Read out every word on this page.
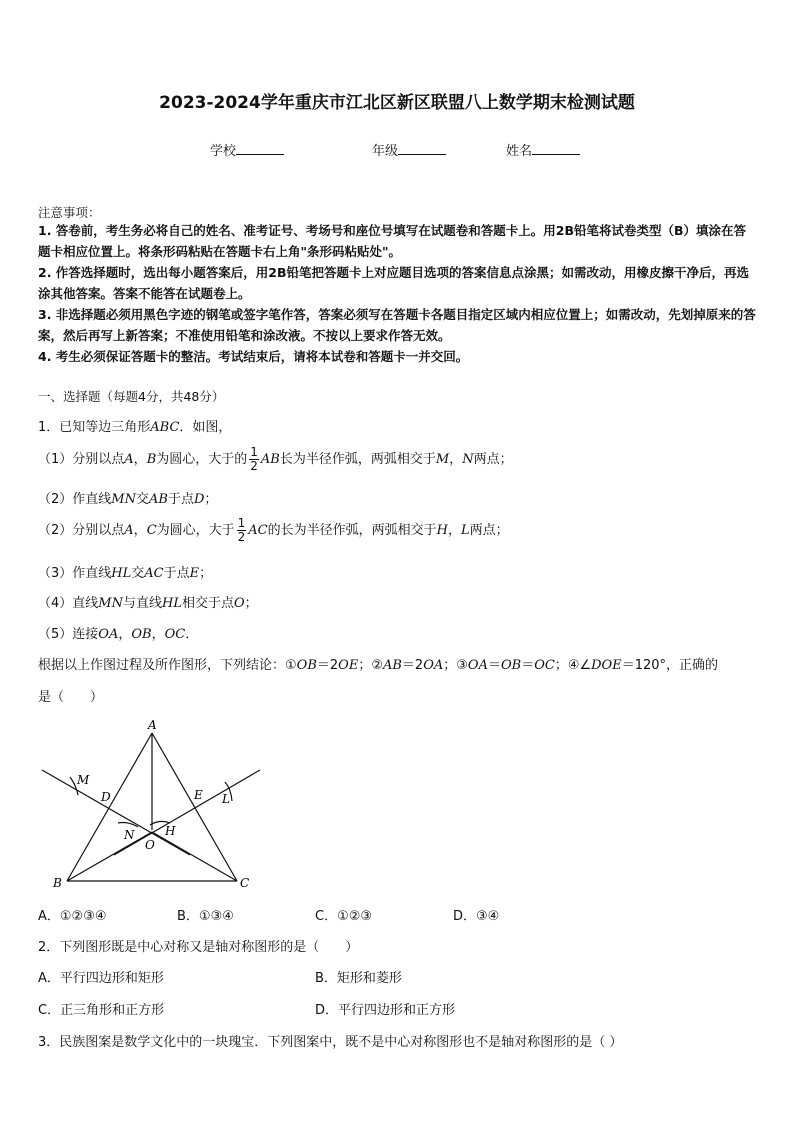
2023-2024学年重庆市江北区新区联盟八上数学期末检测试题
学校	年级	姓名
注意事项：
1. 答卷前，考生务必将自己的姓名、准考证号、考场号和座位号填写在试题卷和答题卡上。用2B铅笔将试卷类型（B）填涂在答题卡相应位置上。将条形码粘贴在答题卡右上角"条形码粘贴处"。
2. 作答选择题时，选出每小题答案后，用2B铅笔把答题卡上对应题目选项的答案信息点涂黑；如需改动，用橡皮擦干净后，再选涂其他答案。答案不能答在试题卷上。
3. 非选择题必须用黑色字迹的钢笔或签字笔作答，答案必须写在答题卡各题目指定区域内相应位置上；如需改动，先划掉原来的答案，然后再写上新答案；不准使用铅笔和涂改液。不按以上要求作答无效。
4. 考生必须保证答题卡的整洁。考试结束后，请将本试卷和答题卡一并交回。
一、选择题（每题4分，共48分）
1．已知等边三角形ABC．如图，
（1）分别以点A，B为圆心，大于的 $\frac{1}{2}$ AB长为半径作弧，两弧相交于M，N两点；
（2）作直线MN交AB于点D；
（2）分别以点A，C为圆心，大于 $\frac{1}{2}$ AC的长为半径作弧，两弧相交于H，L两点；
（3）作直线HL交AC于点E；
（4）直线MN与直线HL相交于点O；
（5）连接OA，OB，OC．
根据以上作图过程及所作图形，下列结论：①OB＝2OE；②AB＝2OA；③OA＝OB＝OC；④∠DOE＝120°，正确的
是（　　）
A
B	C
D	E
M
N	H
L
O
A．①②③④	B．①③④	C．①②③	D．③④
2．下列图形既是中心对称又是轴对称图形的是（　　）
A．平行四边形和矩形	B．矩形和菱形
C．正三角形和正方形	D．平行四边形和正方形
3．民族图案是数学文化中的一块瑰宝．下列图案中，既不是中心对称图形也不是轴对称图形的是（ ）
